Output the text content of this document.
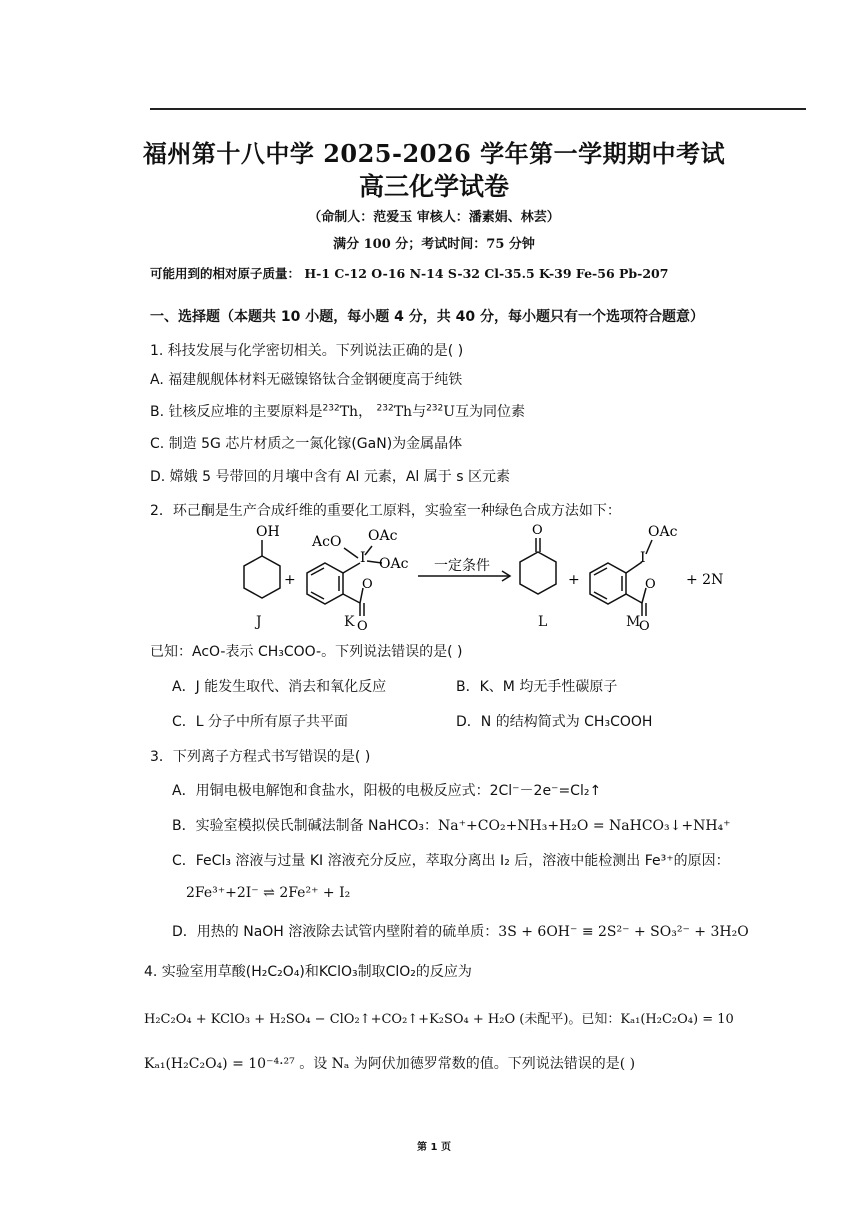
福州第十八中学 2025-2026 学年第一学期期中考试
高三化学试卷
（命制人：范爱玉 审核人：潘素娟、林芸）
满分 100 分；考试时间：75 分钟
可能用到的相对原子质量： H-1 C-12 O-16 N-14 S-32 Cl-35.5 K-39 Fe-56 Pb-207
一、选择题（本题共 10 小题，每小题 4 分，共 40 分，每小题只有一个选项符合题意）
1. 科技发展与化学密切相关。下列说法正确的是( )
A. 福建舰舰体材料无磁镍铬钛合金钢硬度高于纯铁
B. 钍核反应堆的主要原料是$^{232}$Th， $^{232}$Th与$^{232}$U互为同位素
C. 制造 5G 芯片材质之一氮化镓(GaN)为金属晶体
D. 嫦娥 5 号带回的月壤中含有 Al 元素，Al 属于 s 区元素
2．环己酮是生产合成纤维的重要化工原料，实验室一种绿色合成方法如下：
OH
+
AcO OAc
OAc
I
O
O
一定条件
O
+
OAc
I
O
O
+ 2N
J	K	L	M
已知：AcO-表示 CH₃COO-。下列说法错误的是( )
A．J 能发生取代、消去和氧化反应	B．K、M 均无手性碳原子
C．L 分子中所有原子共平面	D．N 的结构简式为 CH₃COOH
3．下列离子方程式书写错误的是( )
A．用铜电极电解饱和食盐水，阳极的电极反应式：2Cl⁻－2e⁻=Cl₂↑
B．实验室模拟侯氏制碱法制备 NaHCO₃：Na⁺+CO₂+NH₃+H₂O = NaHCO₃↓+NH₄⁺
C．FeCl₃ 溶液与过量 KI 溶液充分反应，萃取分离出 I₂ 后，溶液中能检测出 Fe³⁺的原因：
2Fe³⁺+2I⁻ ⇌ 2Fe²⁺ + I₂
D．用热的 NaOH 溶液除去试管内壁附着的硫单质：3S + 6OH⁻ ≡ 2S²⁻ + SO₃²⁻ + 3H₂O
4. 实验室用草酸(H₂C₂O₄)和KClO₃制取ClO₂的反应为
H₂C₂O₄ + KClO₃ + H₂SO₄ − ClO₂↑+CO₂↑+K₂SO₄ + H₂O (未配平)。已知：Kₐ₁(H₂C₂O₄) = 10
Kₐ₁(H₂C₂O₄) = 10⁻⁴·²⁷ 。设 Nₐ 为阿伏加德罗常数的值。下列说法错误的是( )
第 1 页
